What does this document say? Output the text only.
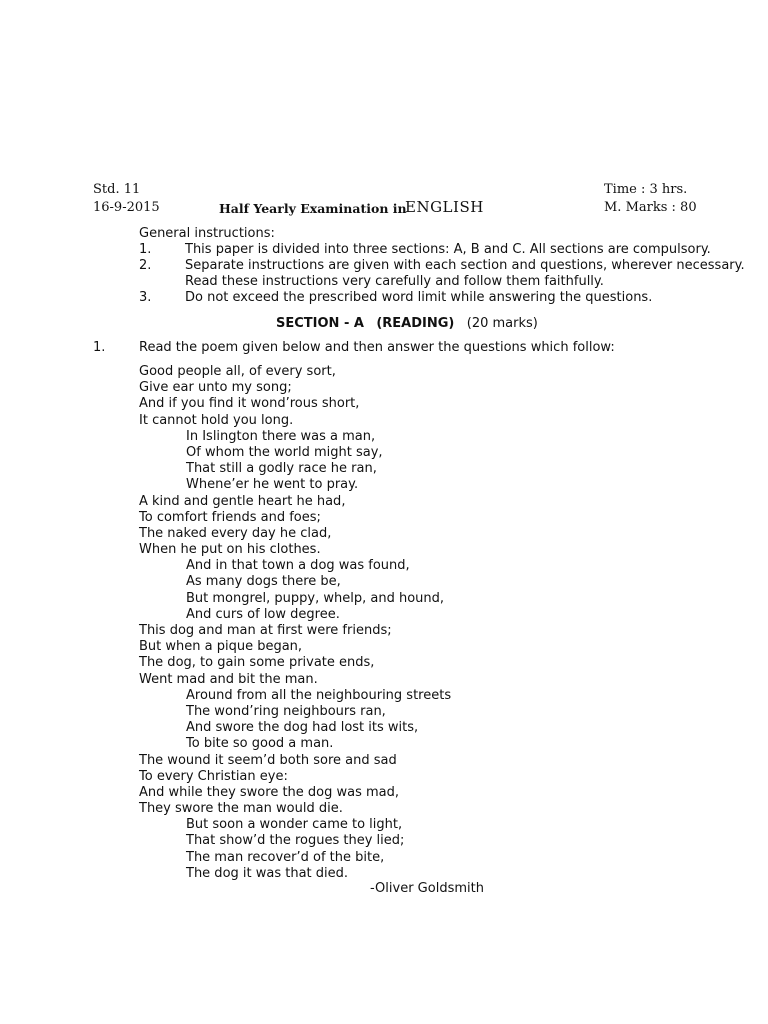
Std. 11
16-9-2015	Half Yearly Examination in
ENGLISH
Time : 3 hrs.
M. Marks : 80
General instructions:
1.	This paper is divided into three sections: A, B and C. All sections are compulsory.
2.	Separate instructions are given with each section and questions, wherever necessary.
Read these instructions very carefully and follow them faithfully.
3.	Do not exceed the prescribed word limit while answering the questions.
SECTION - A (READING) (20 marks)
1.	Read the poem given below and then answer the questions which follow:
Good people all, of every sort,
Give ear unto my song;
And if you find it wond’rous short,
It cannot hold you long.
In Islington there was a man,
Of whom the world might say,
That still a godly race he ran,
Whene’er he went to pray.
A kind and gentle heart he had,
To comfort friends and foes;
The naked every day he clad,
When he put on his clothes.
And in that town a dog was found,
As many dogs there be,
But mongrel, puppy, whelp, and hound,
And curs of low degree.
This dog and man at first were friends;
But when a pique began,
The dog, to gain some private ends,
Went mad and bit the man.
Around from all the neighbouring streets
The wond’ring neighbours ran,
And swore the dog had lost its wits,
To bite so good a man.
The wound it seem’d both sore and sad
To every Christian eye:
And while they swore the dog was mad,
They swore the man would die.
But soon a wonder came to light,
That show’d the rogues they lied;
The man recover’d of the bite,
The dog it was that died.
-Oliver Goldsmith
